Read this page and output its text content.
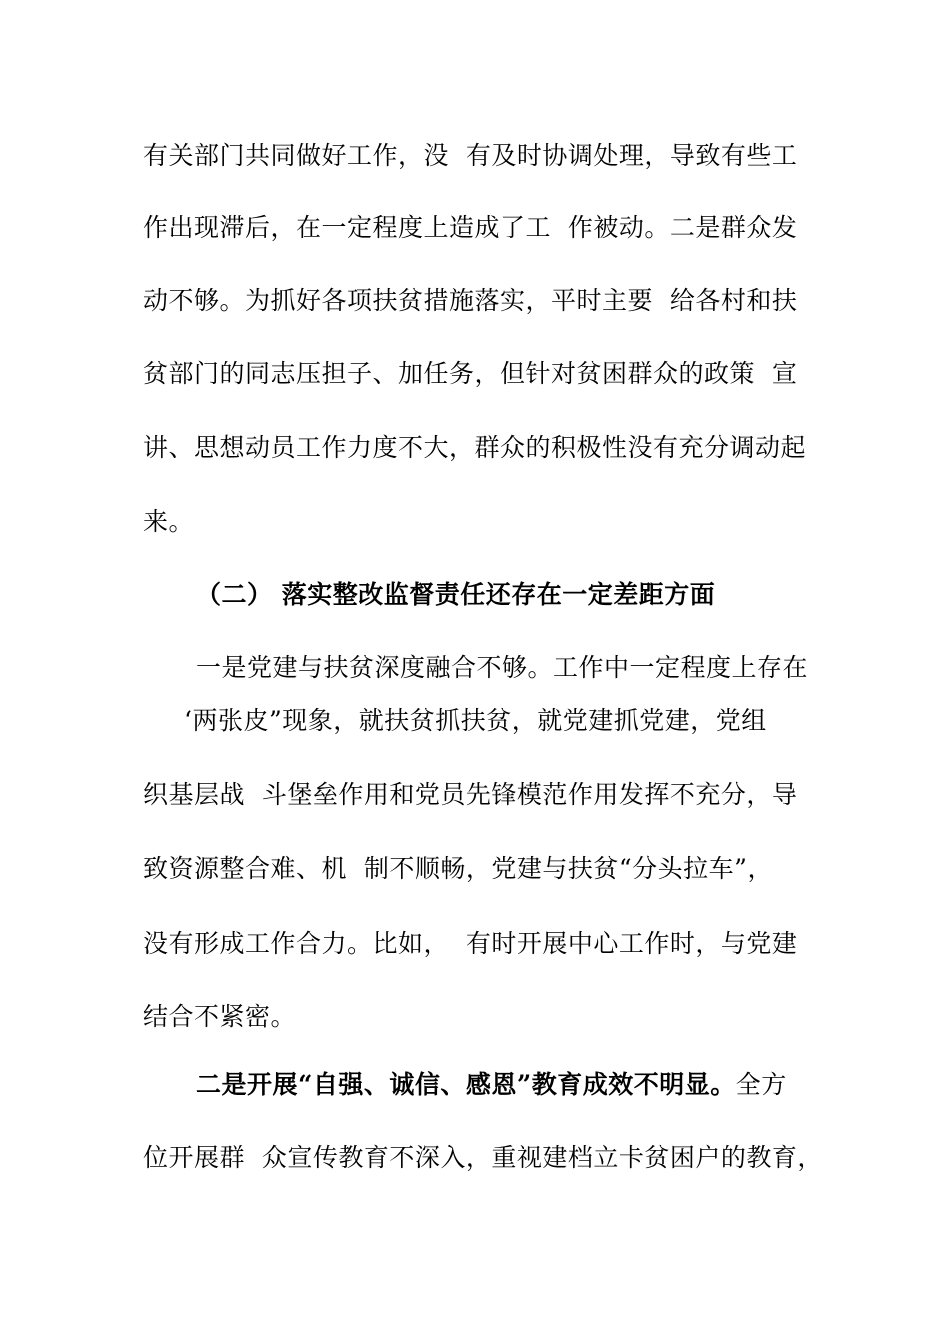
有关部门共同做好工作，没  有及时协调处理，导致有些工
作出现滞后，在一定程度上造成了工  作被动。二是群众发
动不够。为抓好各项扶贫措施落实，平时主要  给各村和扶
贫部门的同志压担子、加任务，但针对贫困群众的政策  宣
讲、思想动员工作力度不大，群众的积极性没有充分调动起
来。
（二） 落实整改监督责任还存在一定差距方面
一是党建与扶贫深度融合不够。工作中一定程度上存在
‘两张皮”现象，就扶贫抓扶贫，就党建抓党建，党组
织基层战  斗堡垒作用和党员先锋模范作用发挥不充分，导
致资源整合难、机  制不顺畅，党建与扶贫“分头拉车”，
没有形成工作合力。比如，  有时开展中心工作时，与党建
结合不紧密。
二是开展“自强、诚信、感恩”教育成效不明显。全方
位开展群  众宣传教育不深入，重视建档立卡贫困户的教育，
